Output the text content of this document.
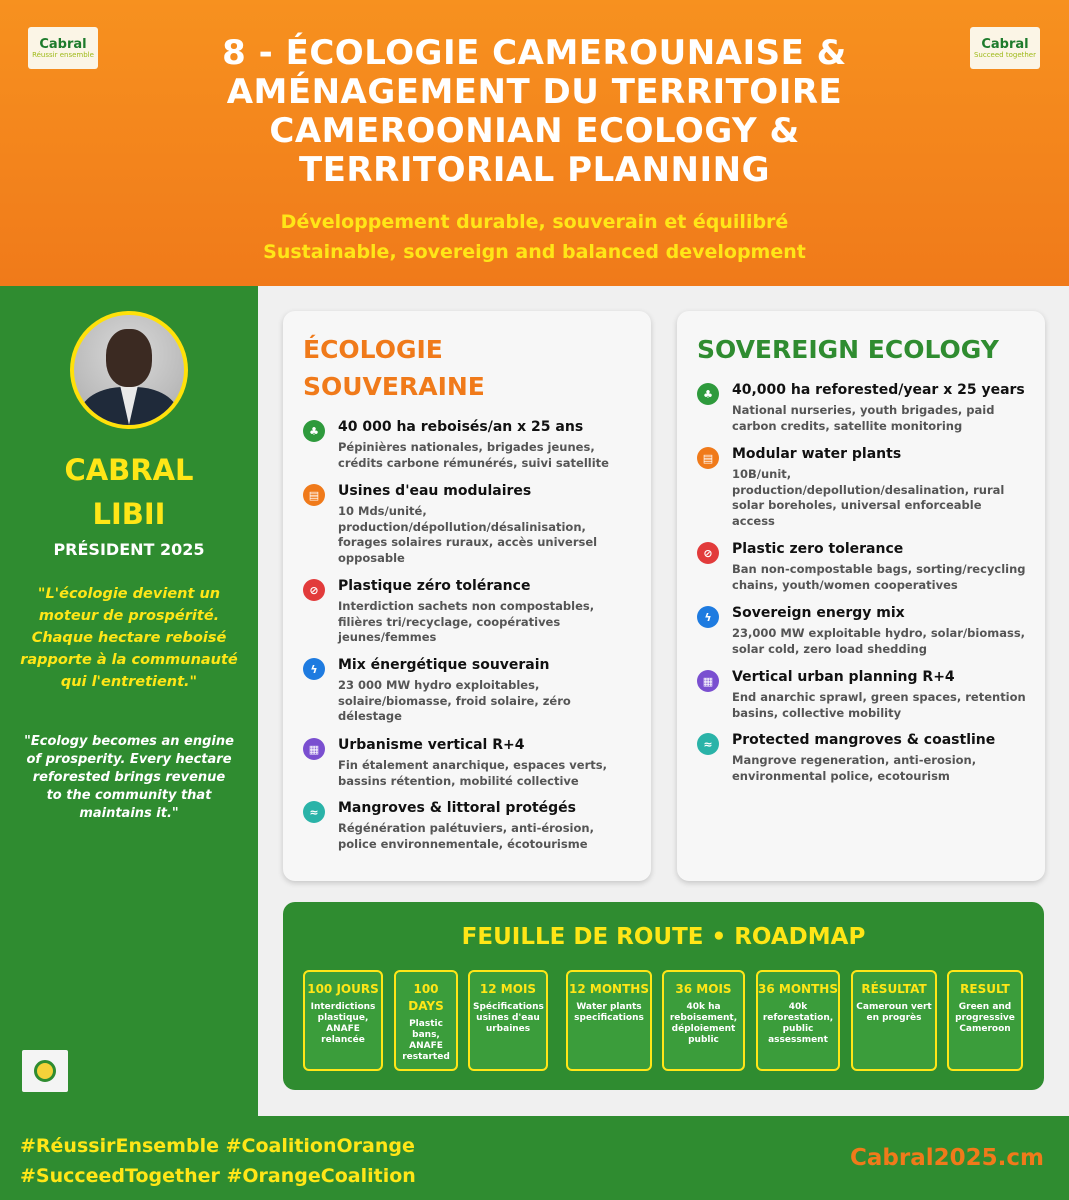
Cabral
Réussir ensemble
Cabral
Succeed together
8 - ÉCOLOGIE CAMEROUNAISE &
AMÉNAGEMENT DU TERRITOIRE
CAMEROONIAN ECOLOGY &
TERRITORIAL PLANNING
Développement durable, souverain et équilibré
Sustainable, sovereign and balanced development
CABRAL
LIBII
PRÉSIDENT 2025
"L'écologie devient un moteur de prospérité. Chaque hectare reboisé rapporte à la communauté qui l'entretient."
"Ecology becomes an engine of prosperity. Every hectare reforested brings revenue to the community that maintains it."
ÉCOLOGIE
SOUVERAINE
♣	40 000 ha reboisés/an x 25 ans
Pépinières nationales, brigades jeunes, crédits carbone rémunérés, suivi satellite
▤	Usines d'eau modulaires
10 Mds/unité, production/dépollution/désalinisation, forages solaires ruraux, accès universel opposable
⊘	Plastique zéro tolérance
Interdiction sachets non compostables, filières tri/recyclage, coopératives jeunes/femmes
ϟ	Mix énergétique souverain
23 000 MW hydro exploitables, solaire/biomasse, froid solaire, zéro délestage
▦	Urbanisme vertical R+4
Fin étalement anarchique, espaces verts, bassins rétention, mobilité collective
≈	Mangroves & littoral protégés
Régénération palétuviers, anti-érosion, police environnementale, écotourisme
SOVEREIGN ECOLOGY
♣	40,000 ha reforested/year x 25 years
National nurseries, youth brigades, paid carbon credits, satellite monitoring
▤	Modular water plants
10B/unit, production/depollution/desalination, rural solar boreholes, universal enforceable access
⊘	Plastic zero tolerance
Ban non-compostable bags, sorting/recycling chains, youth/women cooperatives
ϟ	Sovereign energy mix
23,000 MW exploitable hydro, solar/biomass, solar cold, zero load shedding
▦	Vertical urban planning R+4
End anarchic sprawl, green spaces, retention basins, collective mobility
≈	Protected mangroves & coastline
Mangrove regeneration, anti-erosion, environmental police, ecotourism
FEUILLE DE ROUTE • ROADMAP
100 JOURS
Interdictions plastique, ANAFE relancée
100 DAYS
Plastic bans, ANAFE restarted
12 MOIS
Spécifications usines d'eau urbaines
12 MONTHS
Water plants specifications
36 MOIS
40k ha reboisement, déploiement public
36 MONTHS
40k reforestation, public assessment
RÉSULTAT
Cameroun vert en progrès
RESULT
Green and progressive Cameroon
#RéussirEnsemble #CoalitionOrange
#SucceedTogether #OrangeCoalition
Cabral2025.cm
